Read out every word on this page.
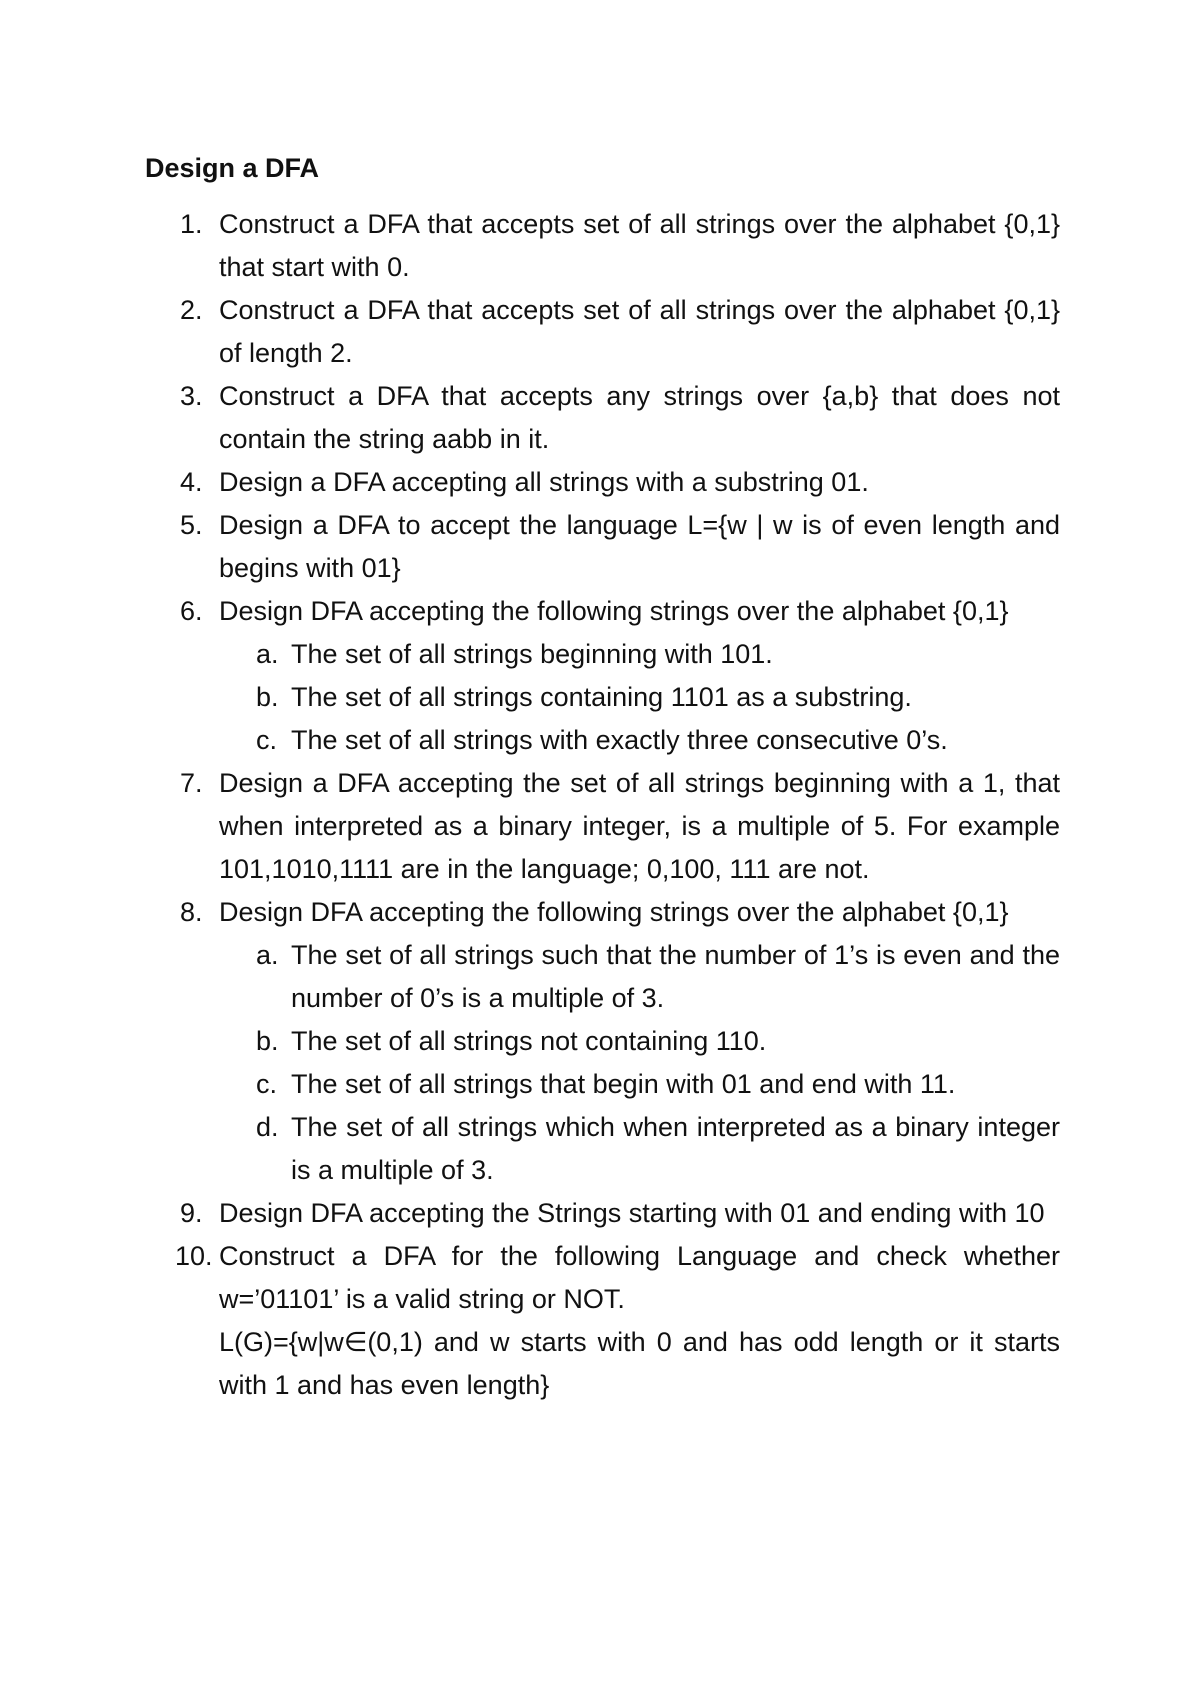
Design a DFA
1. Construct a DFA that accepts set of all strings over the alphabet {0,1} that start with 0.
2. Construct a DFA that accepts set of all strings over the alphabet {0,1} of length 2.
3. Construct a DFA that accepts any strings over {a,b} that does not contain the string aabb in it.
4. Design a DFA accepting all strings with a substring 01.
5. Design a DFA to accept the language L={w | w is of even length and begins with 01}
6. Design DFA accepting the following strings over the alphabet {0,1}
a. The set of all strings beginning with 101.
b. The set of all strings containing 1101 as a substring.
c. The set of all strings with exactly three consecutive 0’s.
7. Design a DFA accepting the set of all strings beginning with a 1, that when interpreted as a binary integer, is a multiple of 5. For example 101,1010,1111 are in the language; 0,100, 111 are not.
8. Design DFA accepting the following strings over the alphabet {0,1}
a. The set of all strings such that the number of 1’s is even and the number of 0’s is a multiple of 3.
b. The set of all strings not containing 110.
c. The set of all strings that begin with 01 and end with 11.
d. The set of all strings which when interpreted as a binary integer is a multiple of 3.
9. Design DFA accepting the Strings starting with 01 and ending with 10
10. Construct a DFA for the following Language and check whether w=’01101’ is a valid string or NOT.
L(G)={w|w∈(0,1) and w starts with 0 and has odd length or it starts with 1 and has even length}
